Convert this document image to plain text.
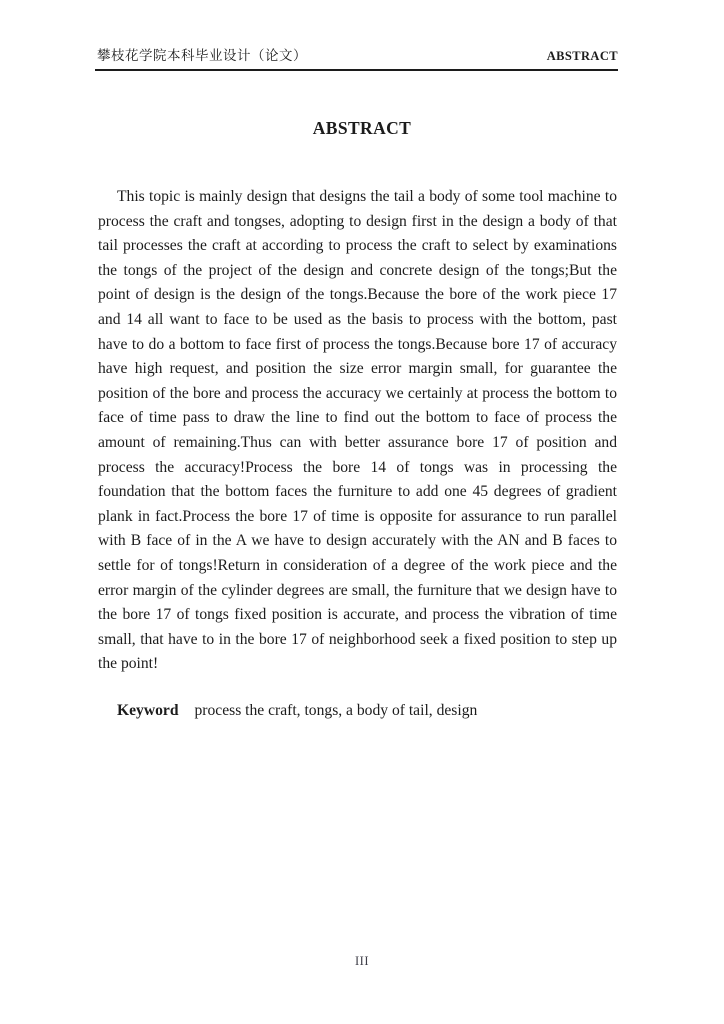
攀枝花学院本科毕业设计（论文）	ABSTRACT
ABSTRACT
This topic is mainly design that designs the tail a body of some tool machine to process the craft and tongses, adopting to design first in the design a body of that tail processes the craft at according to process the craft to select by examinations the tongs of the project of the design and concrete design of the tongs;But the point of design is the design of the tongs.Because the bore of the work piece 17 and 14 all want to face to be used as the basis to process with the bottom, past have to do a bottom to face first of process the tongs.Because bore 17 of accuracy have high request, and position the size error margin small, for guarantee the position of the bore and process the accuracy we certainly at process the bottom to face of time pass to draw the line to find out the bottom to face of process the amount of remaining.Thus can with better assurance bore 17 of position and process the accuracy!Process the bore 14 of tongs was in processing the foundation that the bottom faces the furniture to add one 45 degrees of gradient plank in fact.Process the bore 17 of time is opposite for assurance to run parallel with B face of in the A we have to design accurately with the AN and B faces to settle for of tongs!Return in consideration of a degree of the work piece and the error margin of the cylinder degrees are small, the furniture that we design have to the bore 17 of tongs fixed position is accurate, and process the vibration of time small, that have to in the bore 17 of neighborhood seek a fixed position to step up the point!
Keyword process the craft, tongs, a body of tail, design
III
